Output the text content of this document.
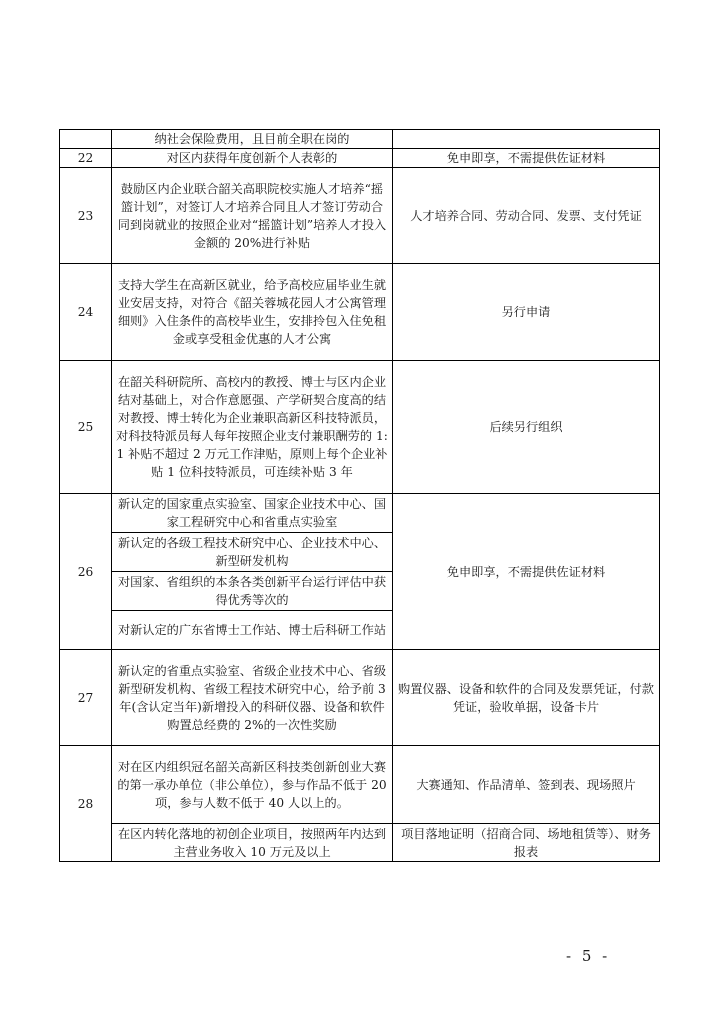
	纳社会保险费用，且目前全职在岗的	
22	对区内获得年度创新个人表彰的	免申即享，不需提供佐证材料
23	鼓励区内企业联合韶关高职院校实施人才培养“摇篮计划”，对签订人才培养合同且人才签订劳动合同到岗就业的按照企业对“摇篮计划”培养人才投入金额的 20%进行补贴	人才培养合同、劳动合同、发票、支付凭证
24	支持大学生在高新区就业，给予高校应届毕业生就业安居支持，对符合《韶关蓉城花园人才公寓管理细则》入住条件的高校毕业生，安排拎包入住免租金或享受租金优惠的人才公寓	另行申请
25	在韶关科研院所、高校内的教授、博士与区内企业结对基础上，对合作意愿强、产学研契合度高的结对教授、博士转化为企业兼职高新区科技特派员，对科技特派员每人每年按照企业支付兼职酬劳的 1: 1 补贴不超过 2 万元工作津贴，原则上每个企业补贴 1 位科技特派员，可连续补贴 3 年	后续另行组织
26	新认定的国家重点实验室、国家企业技术中心、国家工程研究中心和省重点实验室	免申即享，不需提供佐证材料
	新认定的各级工程技术研究中心、企业技术中心、新型研发机构	
	对国家、省组织的本条各类创新平台运行评估中获得优秀等次的	
	对新认定的广东省博士工作站、博士后科研工作站	
27	新认定的省重点实验室、省级企业技术中心、省级新型研发机构、省级工程技术研究中心，给予前 3 年(含认定当年)新增投入的科研仪器、设备和软件购置总经费的 2%的一次性奖励	购置仪器、设备和软件的合同及发票凭证，付款凭证，验收单据，设备卡片
28	对在区内组织冠名韶关高新区科技类创新创业大赛的第一承办单位（非公单位），参与作品不低于 20 项，参与人数不低于 40 人以上的。	大赛通知、作品清单、签到表、现场照片
	在区内转化落地的初创企业项目，按照两年内达到主营业务收入 10 万元及以上	项目落地证明（招商合同、场地租赁等）、财务报表
- 5 -
